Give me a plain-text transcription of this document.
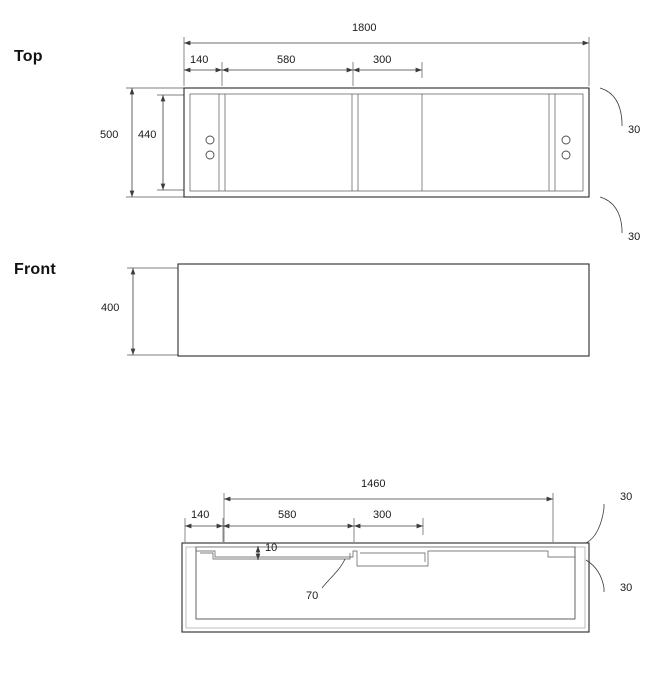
Top
Front
1800
140	580	300
500 440	30
30
400
1460
140	580	300
30
30
10
70
